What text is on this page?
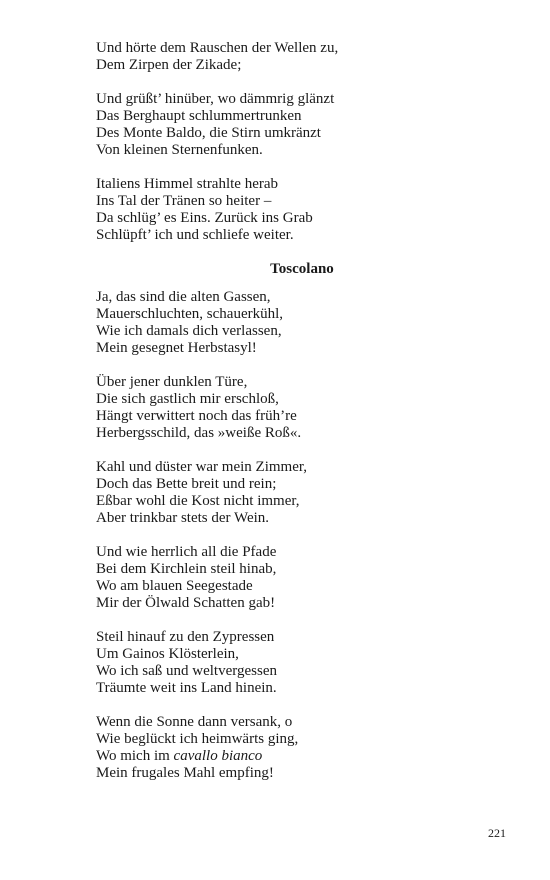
Und hörte dem Rauschen der Wellen zu,
Dem Zirpen der Zikade;
Und grüßt’ hinüber, wo dämmrig glänzt
Das Berghaupt schlummertrunken
Des Monte Baldo, die Stirn umkränzt
Von kleinen Sternenfunken.
Italiens Himmel strahlte herab
Ins Tal der Tränen so heiter –
Da schlüg’ es Eins. Zurück ins Grab
Schlüpft’ ich und schliefe weiter.
Toscolano
Ja, das sind die alten Gassen,
Mauerschluchten, schauerkühl,
Wie ich damals dich verlassen,
Mein gesegnet Herbstasyl!
Über jener dunklen Türe,
Die sich gastlich mir erschloß,
Hängt verwittert noch das früh’re
Herbergsschild, das »weiße Roß«.
Kahl und düster war mein Zimmer,
Doch das Bette breit und rein;
Eßbar wohl die Kost nicht immer,
Aber trinkbar stets der Wein.
Und wie herrlich all die Pfade
Bei dem Kirchlein steil hinab,
Wo am blauen Seegestade
Mir der Ölwald Schatten gab!
Steil hinauf zu den Zypressen
Um Gainos Klösterlein,
Wo ich saß und weltvergessen
Träumte weit ins Land hinein.
Wenn die Sonne dann versank, o
Wie beglückt ich heimwärts ging,
Wo mich im cavallo bianco
Mein frugales Mahl empfing!
221
